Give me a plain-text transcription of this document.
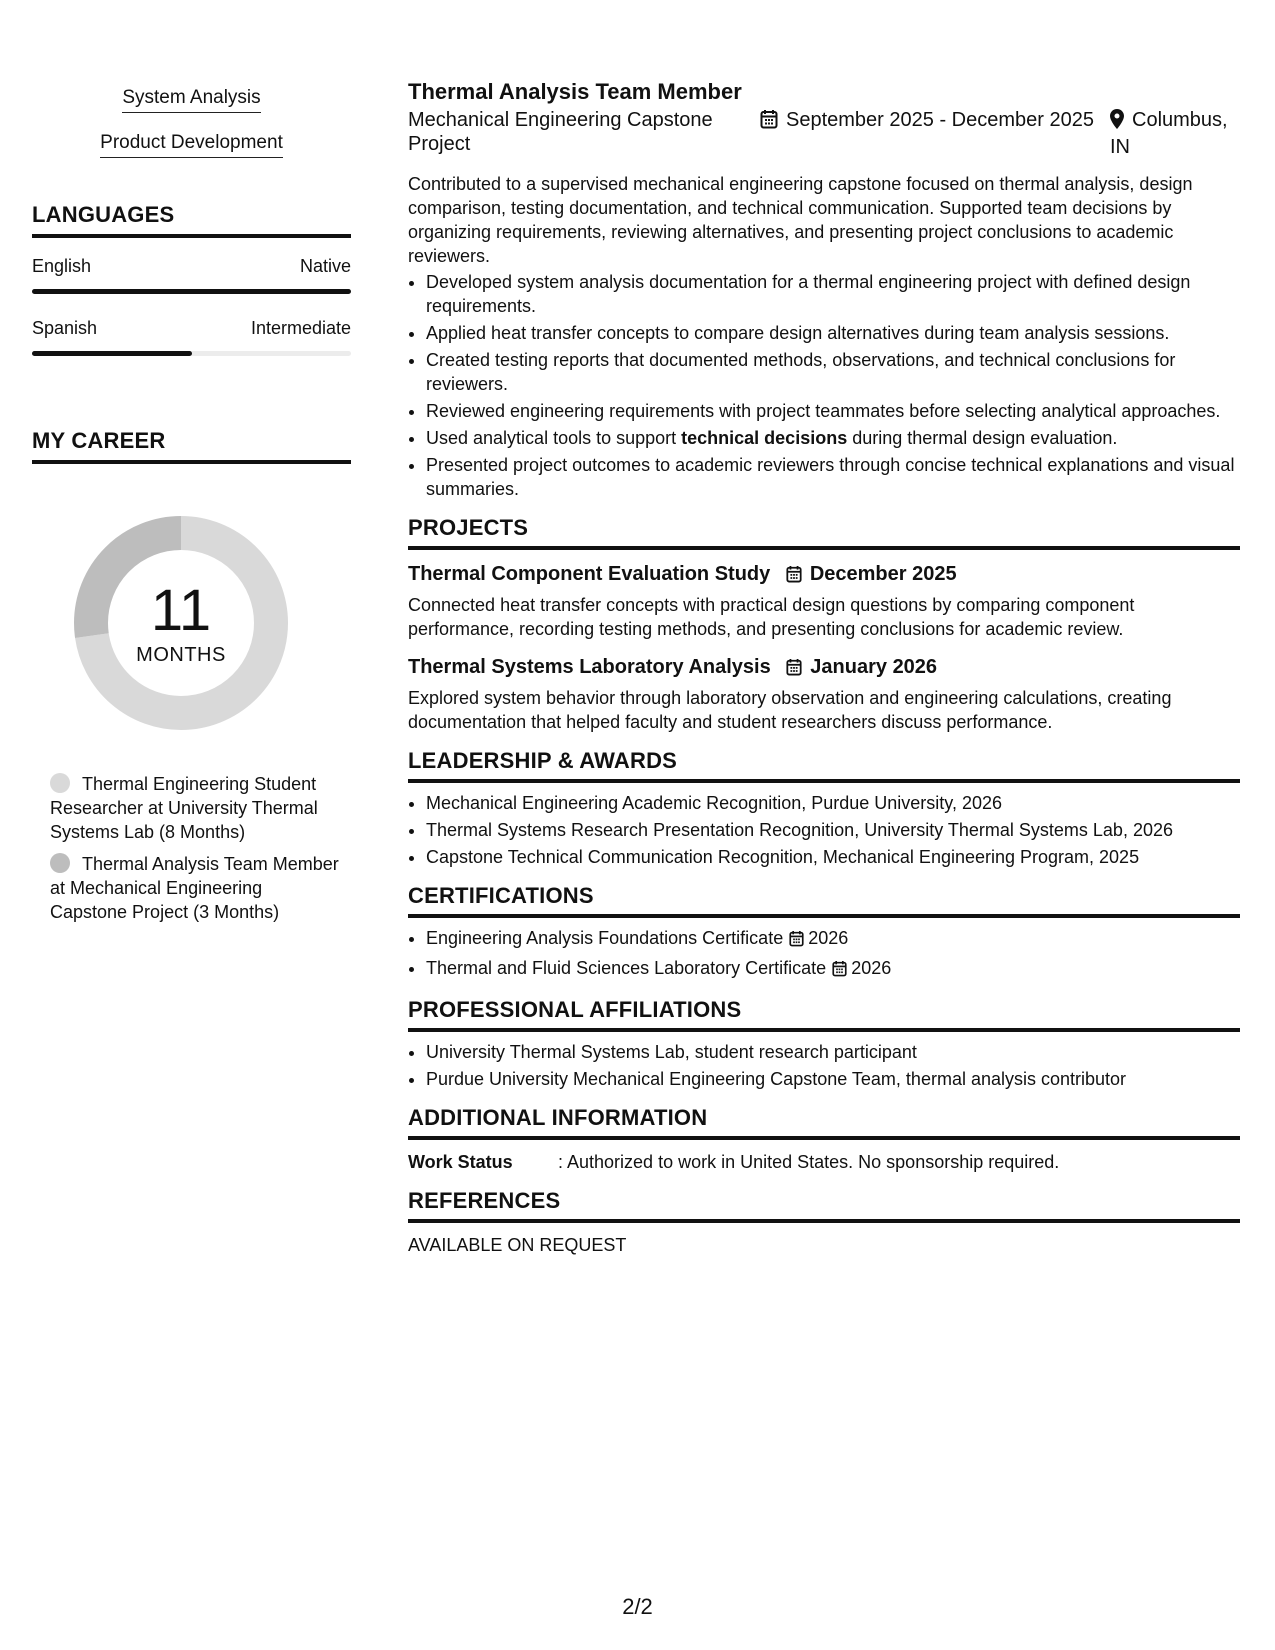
System Analysis
Product Development
LANGUAGES
English	Native
Spanish	Intermediate
MY CAREER
11
MONTHS
Thermal Engineering Student Researcher at University Thermal Systems Lab (8 Months)
Thermal Analysis Team Member at Mechanical Engineering Capstone Project (3 Months)
Thermal Analysis Team Member
Mechanical Engineering Capstone Project
September 2025 - December 2025	Columbus, IN
Contributed to a supervised mechanical engineering capstone focused on thermal analysis, design comparison, testing documentation, and technical communication. Supported team decisions by organizing requirements, reviewing alternatives, and presenting project conclusions to academic reviewers.
• Developed system analysis documentation for a thermal engineering project with defined design requirements.
• Applied heat transfer concepts to compare design alternatives during team analysis sessions.
• Created testing reports that documented methods, observations, and technical conclusions for reviewers.
• Reviewed engineering requirements with project teammates before selecting analytical approaches.
• Used analytical tools to support technical decisions during thermal design evaluation.
• Presented project outcomes to academic reviewers through concise technical explanations and visual summaries.
PROJECTS
Thermal Component Evaluation Study December 2025
Connected heat transfer concepts with practical design questions by comparing component performance, recording testing methods, and presenting conclusions for academic review.
Thermal Systems Laboratory Analysis January 2026
Explored system behavior through laboratory observation and engineering calculations, creating documentation that helped faculty and student researchers discuss performance.
LEADERSHIP & AWARDS
• Mechanical Engineering Academic Recognition, Purdue University, 2026
• Thermal Systems Research Presentation Recognition, University Thermal Systems Lab, 2026
• Capstone Technical Communication Recognition, Mechanical Engineering Program, 2025
CERTIFICATIONS
• Engineering Analysis Foundations Certificate 2026
• Thermal and Fluid Sciences Laboratory Certificate 2026
PROFESSIONAL AFFILIATIONS
• University Thermal Systems Lab, student research participant
• Purdue University Mechanical Engineering Capstone Team, thermal analysis contributor
ADDITIONAL INFORMATION
Work Status	: Authorized to work in United States. No sponsorship required.
REFERENCES
AVAILABLE ON REQUEST
2/2
